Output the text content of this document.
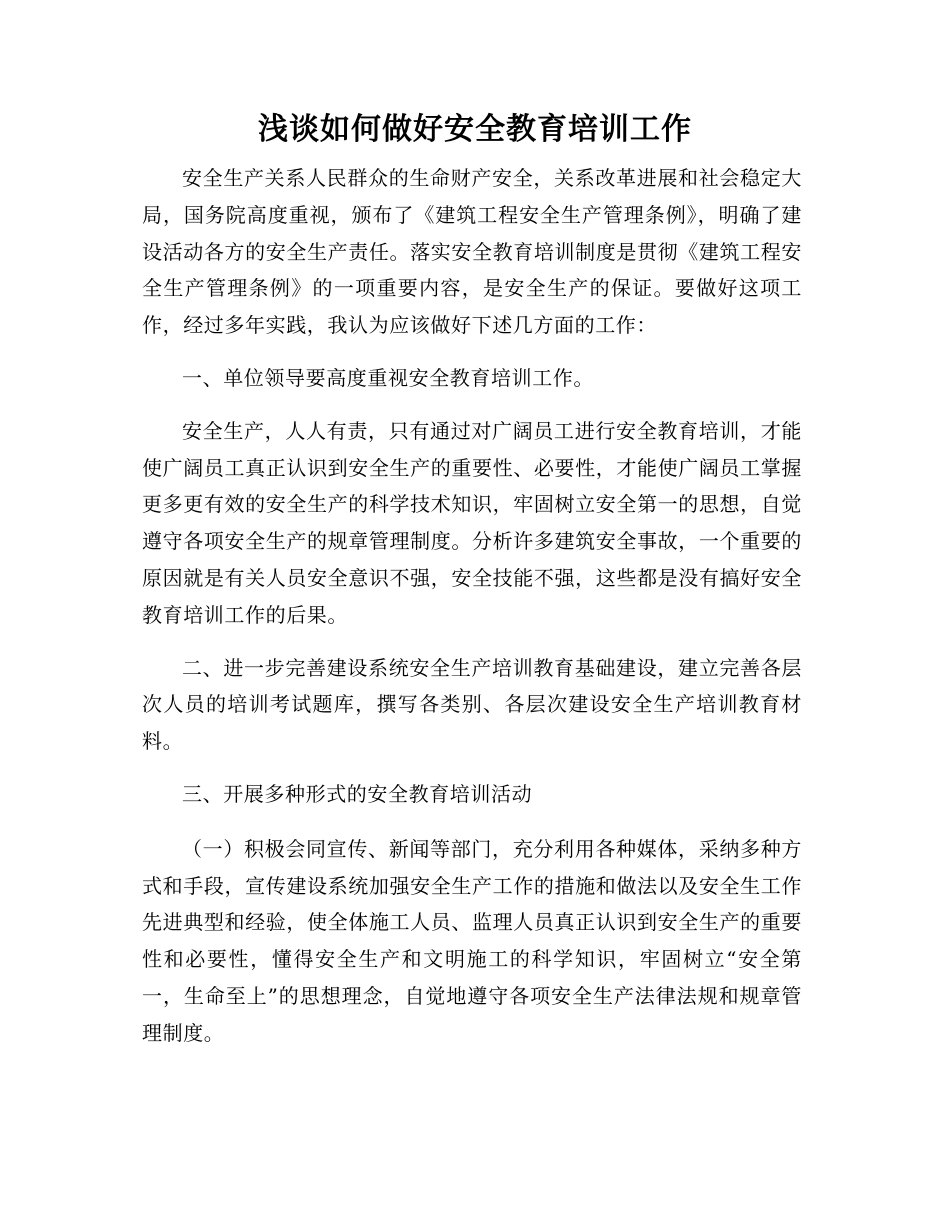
浅谈如何做好安全教育培训工作

安全生产关系人民群众的生命财产安全，关系改革进展和社会稳定大局，国务院高度重视，颁布了《建筑工程安全生产管理条例》，明确了建设活动各方的安全生产责任。落实安全教育培训制度是贯彻《建筑工程安全生产管理条例》的一项重要内容，是安全生产的保证。要做好这项工作，经过多年实践，我认为应该做好下述几方面的工作：

一、单位领导要高度重视安全教育培训工作。

安全生产，人人有责，只有通过对广阔员工进行安全教育培训，才能使广阔员工真正认识到安全生产的重要性、必要性，才能使广阔员工掌握更多更有效的安全生产的科学技术知识，牢固树立安全第一的思想，自觉遵守各项安全生产的规章管理制度。分析许多建筑安全事故，一个重要的原因就是有关人员安全意识不强，安全技能不强，这些都是没有搞好安全教育培训工作的后果。

二、进一步完善建设系统安全生产培训教育基础建设，建立完善各层次人员的培训考试题库，撰写各类别、各层次建设安全生产培训教育材料。

三、开展多种形式的安全教育培训活动

（一）积极会同宣传、新闻等部门，充分利用各种媒体，采纳多种方式和手段，宣传建设系统加强安全生产工作的措施和做法以及安全生工作先进典型和经验，使全体施工人员、监理人员真正认识到安全生产的重要性和必要性，懂得安全生产和文明施工的科学知识，牢固树立“安全第一，生命至上”的思想理念，自觉地遵守各项安全生产法律法规和规章管理制度。
